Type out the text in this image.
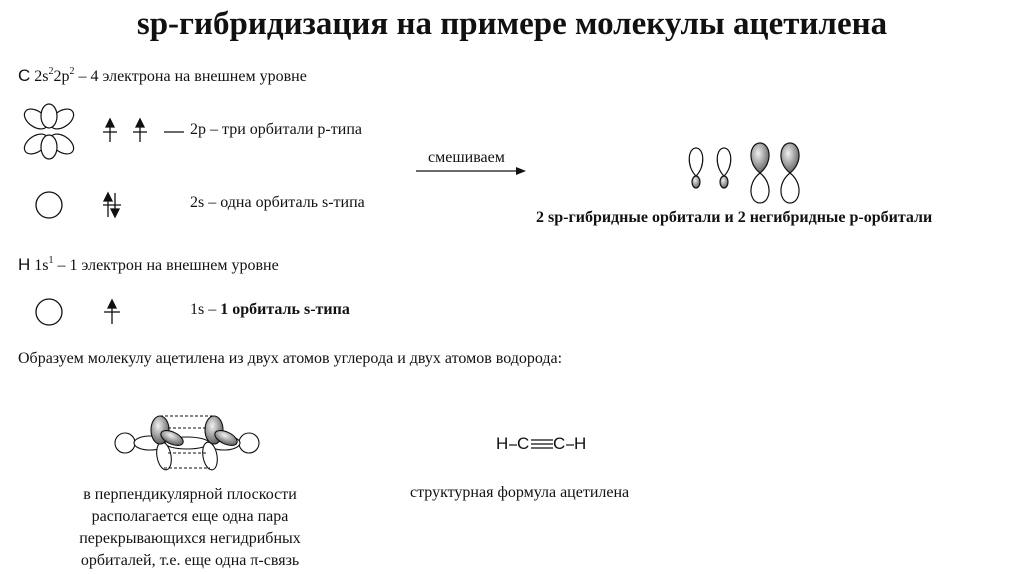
sp-гибридизация на примере молекулы ацетилена
С $2s^22p^2 - 4$ электрона на внешнем уровне
2p – три орбитали p-типа
2s – одна орбиталь s-типа
смешиваем
2 sp-гибридные орбитали и 2 негибридные p-орбитали
Н $1s^1 - 1$ электрон на внешнем уровне
1s – 1 орбиталь s-типа
Образуем молекулу ацетилена из двух атомов углерода и двух атомов водорода:
в перпендикулярной плоскости располагается еще одна пара перекрывающихся негидрибных орбиталей, т.е. еще одна π-связь
Н С С Н
структурная формула ацетилена
